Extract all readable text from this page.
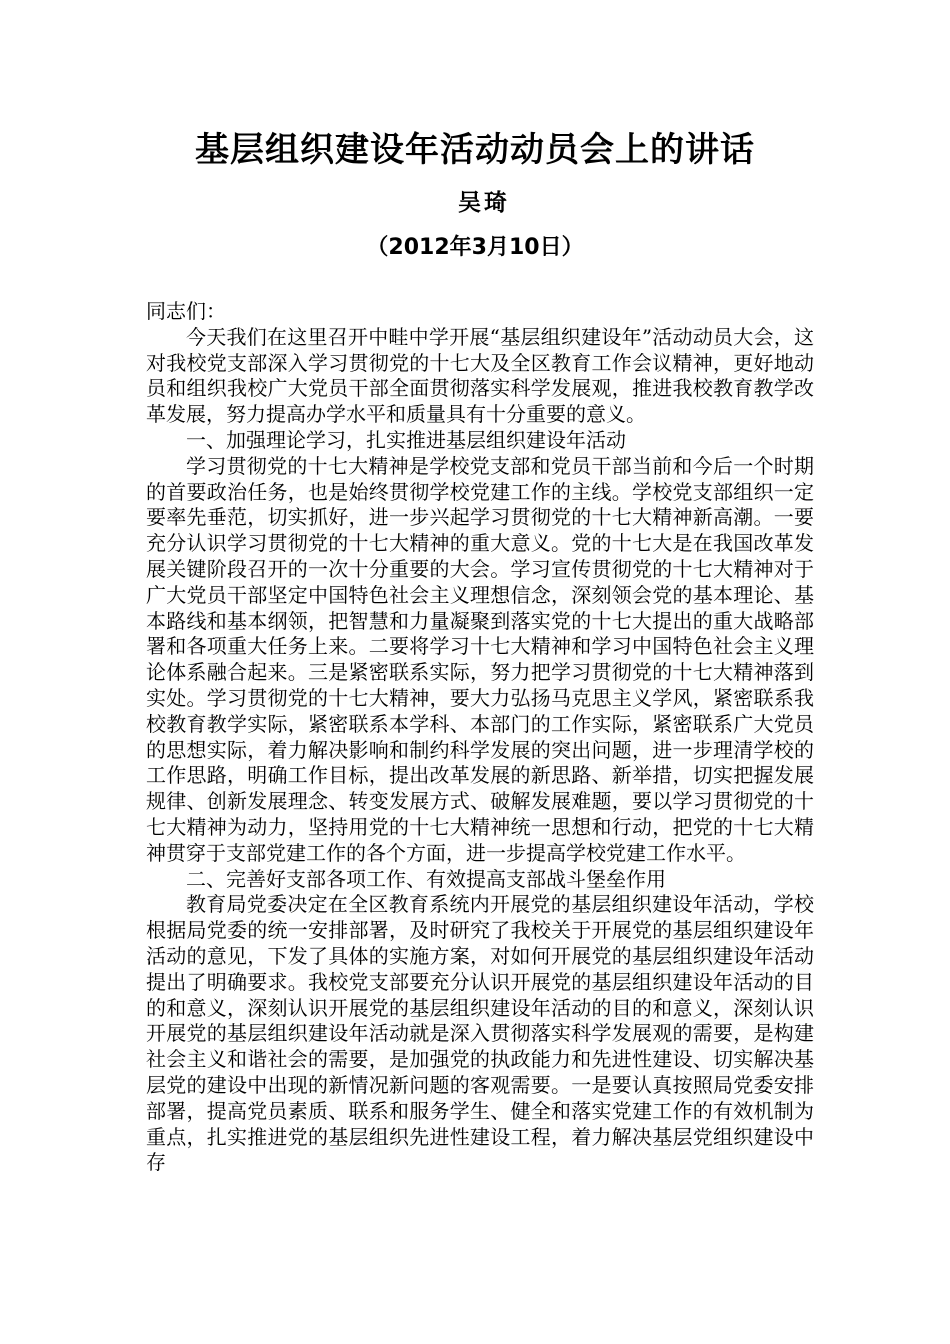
基层组织建设年活动动员会上的讲话
吴琦
（2012年3月10日）

同志们：

今天我们在这里召开中畦中学开展“基层组织建设年”活动动员大会，这对我校党支部深入学习贯彻党的十七大及全区教育工作会议精神，更好地动员和组织我校广大党员干部全面贯彻落实科学发展观，推进我校教育教学改革发展，努力提高办学水平和质量具有十分重要的意义。

一、加强理论学习，扎实推进基层组织建设年活动

学习贯彻党的十七大精神是学校党支部和党员干部当前和今后一个时期的首要政治任务，也是始终贯彻学校党建工作的主线。学校党支部组织一定要率先垂范，切实抓好，进一步兴起学习贯彻党的十七大精神新高潮。一要充分认识学习贯彻党的十七大精神的重大意义。党的十七大是在我国改革发展关键阶段召开的一次十分重要的大会。学习宣传贯彻党的十七大精神对于广大党员干部坚定中国特色社会主义理想信念，深刻领会党的基本理论、基本路线和基本纲领，把智慧和力量凝聚到落实党的十七大提出的重大战略部署和各项重大任务上来。二要将学习十七大精神和学习中国特色社会主义理论体系融合起来。三是紧密联系实际，努力把学习贯彻党的十七大精神落到实处。学习贯彻党的十七大精神，要大力弘扬马克思主义学风，紧密联系我校教育教学实际，紧密联系本学科、本部门的工作实际，紧密联系广大党员的思想实际，着力解决影响和制约科学发展的突出问题，进一步理清学校的工作思路，明确工作目标，提出改革发展的新思路、新举措，切实把握发展规律、创新发展理念、转变发展方式、破解发展难题，要以学习贯彻党的十七大精神为动力，坚持用党的十七大精神统一思想和行动，把党的十七大精神贯穿于支部党建工作的各个方面，进一步提高学校党建工作水平。

二、完善好支部各项工作、有效提高支部战斗堡垒作用

教育局党委决定在全区教育系统内开展党的基层组织建设年活动，学校根据局党委的统一安排部署，及时研究了我校关于开展党的基层组织建设年活动的意见，下发了具体的实施方案，对如何开展党的基层组织建设年活动提出了明确要求。我校党支部要充分认识开展党的基层组织建设年活动的目的和意义，深刻认识开展党的基层组织建设年活动的目的和意义，深刻认识开展党的基层组织建设年活动就是深入贯彻落实科学发展观的需要，是构建社会主义和谐社会的需要，是加强党的执政能力和先进性建设、切实解决基层党的建设中出现的新情况新问题的客观需要。一是要认真按照局党委安排部署，提高党员素质、联系和服务学生、健全和落实党建工作的有效机制为重点，扎实推进党的基层组织先进性建设工程，着力解决基层党组织建设中存
